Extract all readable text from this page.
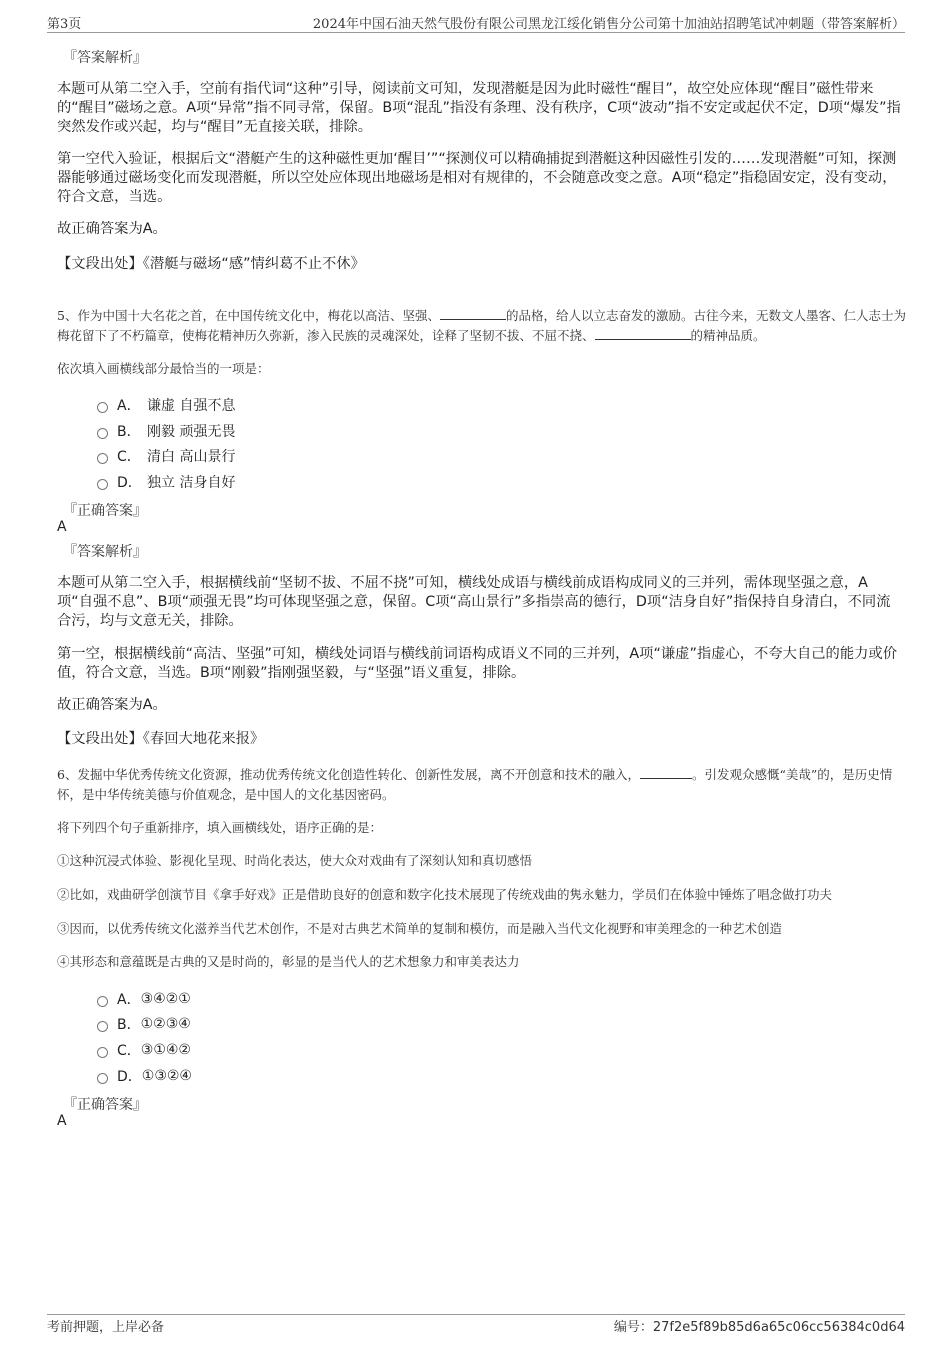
第3页	2024年中国石油天然气股份有限公司黑龙江绥化销售分公司第十加油站招聘笔试冲刺题（带答案解析）
『答案解析』
本题可从第二空入手，空前有指代词“这种”引导，阅读前文可知，发现潜艇是因为此时磁性“醒目”，故空处应体现“醒目”磁性带来的“醒目”磁场之意。A项“异常”指不同寻常，保留。B项“混乱”指没有条理、没有秩序，C项“波动”指不安定或起伏不定，D项“爆发”指突然发作或兴起，均与“醒目”无直接关联，排除。
第一空代入验证，根据后文“潜艇产生的这种磁性更加‘醒目’”“探测仪可以精确捕捉到潜艇这种因磁性引发的……发现潜艇”可知，探测器能够通过磁场变化而发现潜艇，所以空处应体现出地磁场是相对有规律的，不会随意改变之意。A项“稳定”指稳固安定，没有变动，符合文意，当选。
故正确答案为A。
【文段出处】《潜艇与磁场“感”情纠葛不止不休》
5、作为中国十大名花之首，在中国传统文化中，梅花以高洁、坚强、	的品格，给人以立志奋发的激励。古往今来，无数文人墨客、仁人志士为梅花留下了不朽篇章，使梅花精神历久弥新，渗入民族的灵魂深处，诠释了坚韧不拔、不屈不挠、	的精神品质。
依次填入画横线部分最恰当的一项是：
A． 谦虚 自强不息
B． 刚毅 顽强无畏
C． 清白 高山景行
D． 独立 洁身自好
『正确答案』
A
『答案解析』
本题可从第二空入手，根据横线前“坚韧不拔、不屈不挠”可知，横线处成语与横线前成语构成同义的三并列，需体现坚强之意，A项“自强不息”、B项“顽强无畏”均可体现坚强之意，保留。C项“高山景行”多指崇高的德行，D项“洁身自好”指保持自身清白，不同流合污，均与文意无关，排除。
第一空，根据横线前“高洁、坚强”可知，横线处词语与横线前词语构成语义不同的三并列，A项“谦虚”指虚心，不夸大自己的能力或价值，符合文意，当选。B项“刚毅”指刚强坚毅，与“坚强”语义重复，排除。
故正确答案为A。
【文段出处】《春回大地花来报》
6、发掘中华优秀传统文化资源，推动优秀传统文化创造性转化、创新性发展，离不开创意和技术的融入，	。引发观众感慨“美哉”的，是历史情怀，是中华传统美德与价值观念，是中国人的文化基因密码。
将下列四个句子重新排序，填入画横线处，语序正确的是：
①这种沉浸式体验、影视化呈现、时尚化表达，使大众对戏曲有了深刻认知和真切感悟
②比如，戏曲研学创演节目《拿手好戏》正是借助良好的创意和数字化技术展现了传统戏曲的隽永魅力，学员们在体验中锤炼了唱念做打功夫
③因而，以优秀传统文化滋养当代艺术创作，不是对古典艺术简单的复制和模仿，而是融入当代文化视野和审美理念的一种艺术创造
④其形态和意蕴既是古典的又是时尚的，彰显的是当代人的艺术想象力和审美表达力
A． ③④②①
B． ①②③④
C． ③①④②
D． ①③②④
『正确答案』
A
考前押题，上岸必备	编号：27f2e5f89b85d6a65c06cc56384c0d64
